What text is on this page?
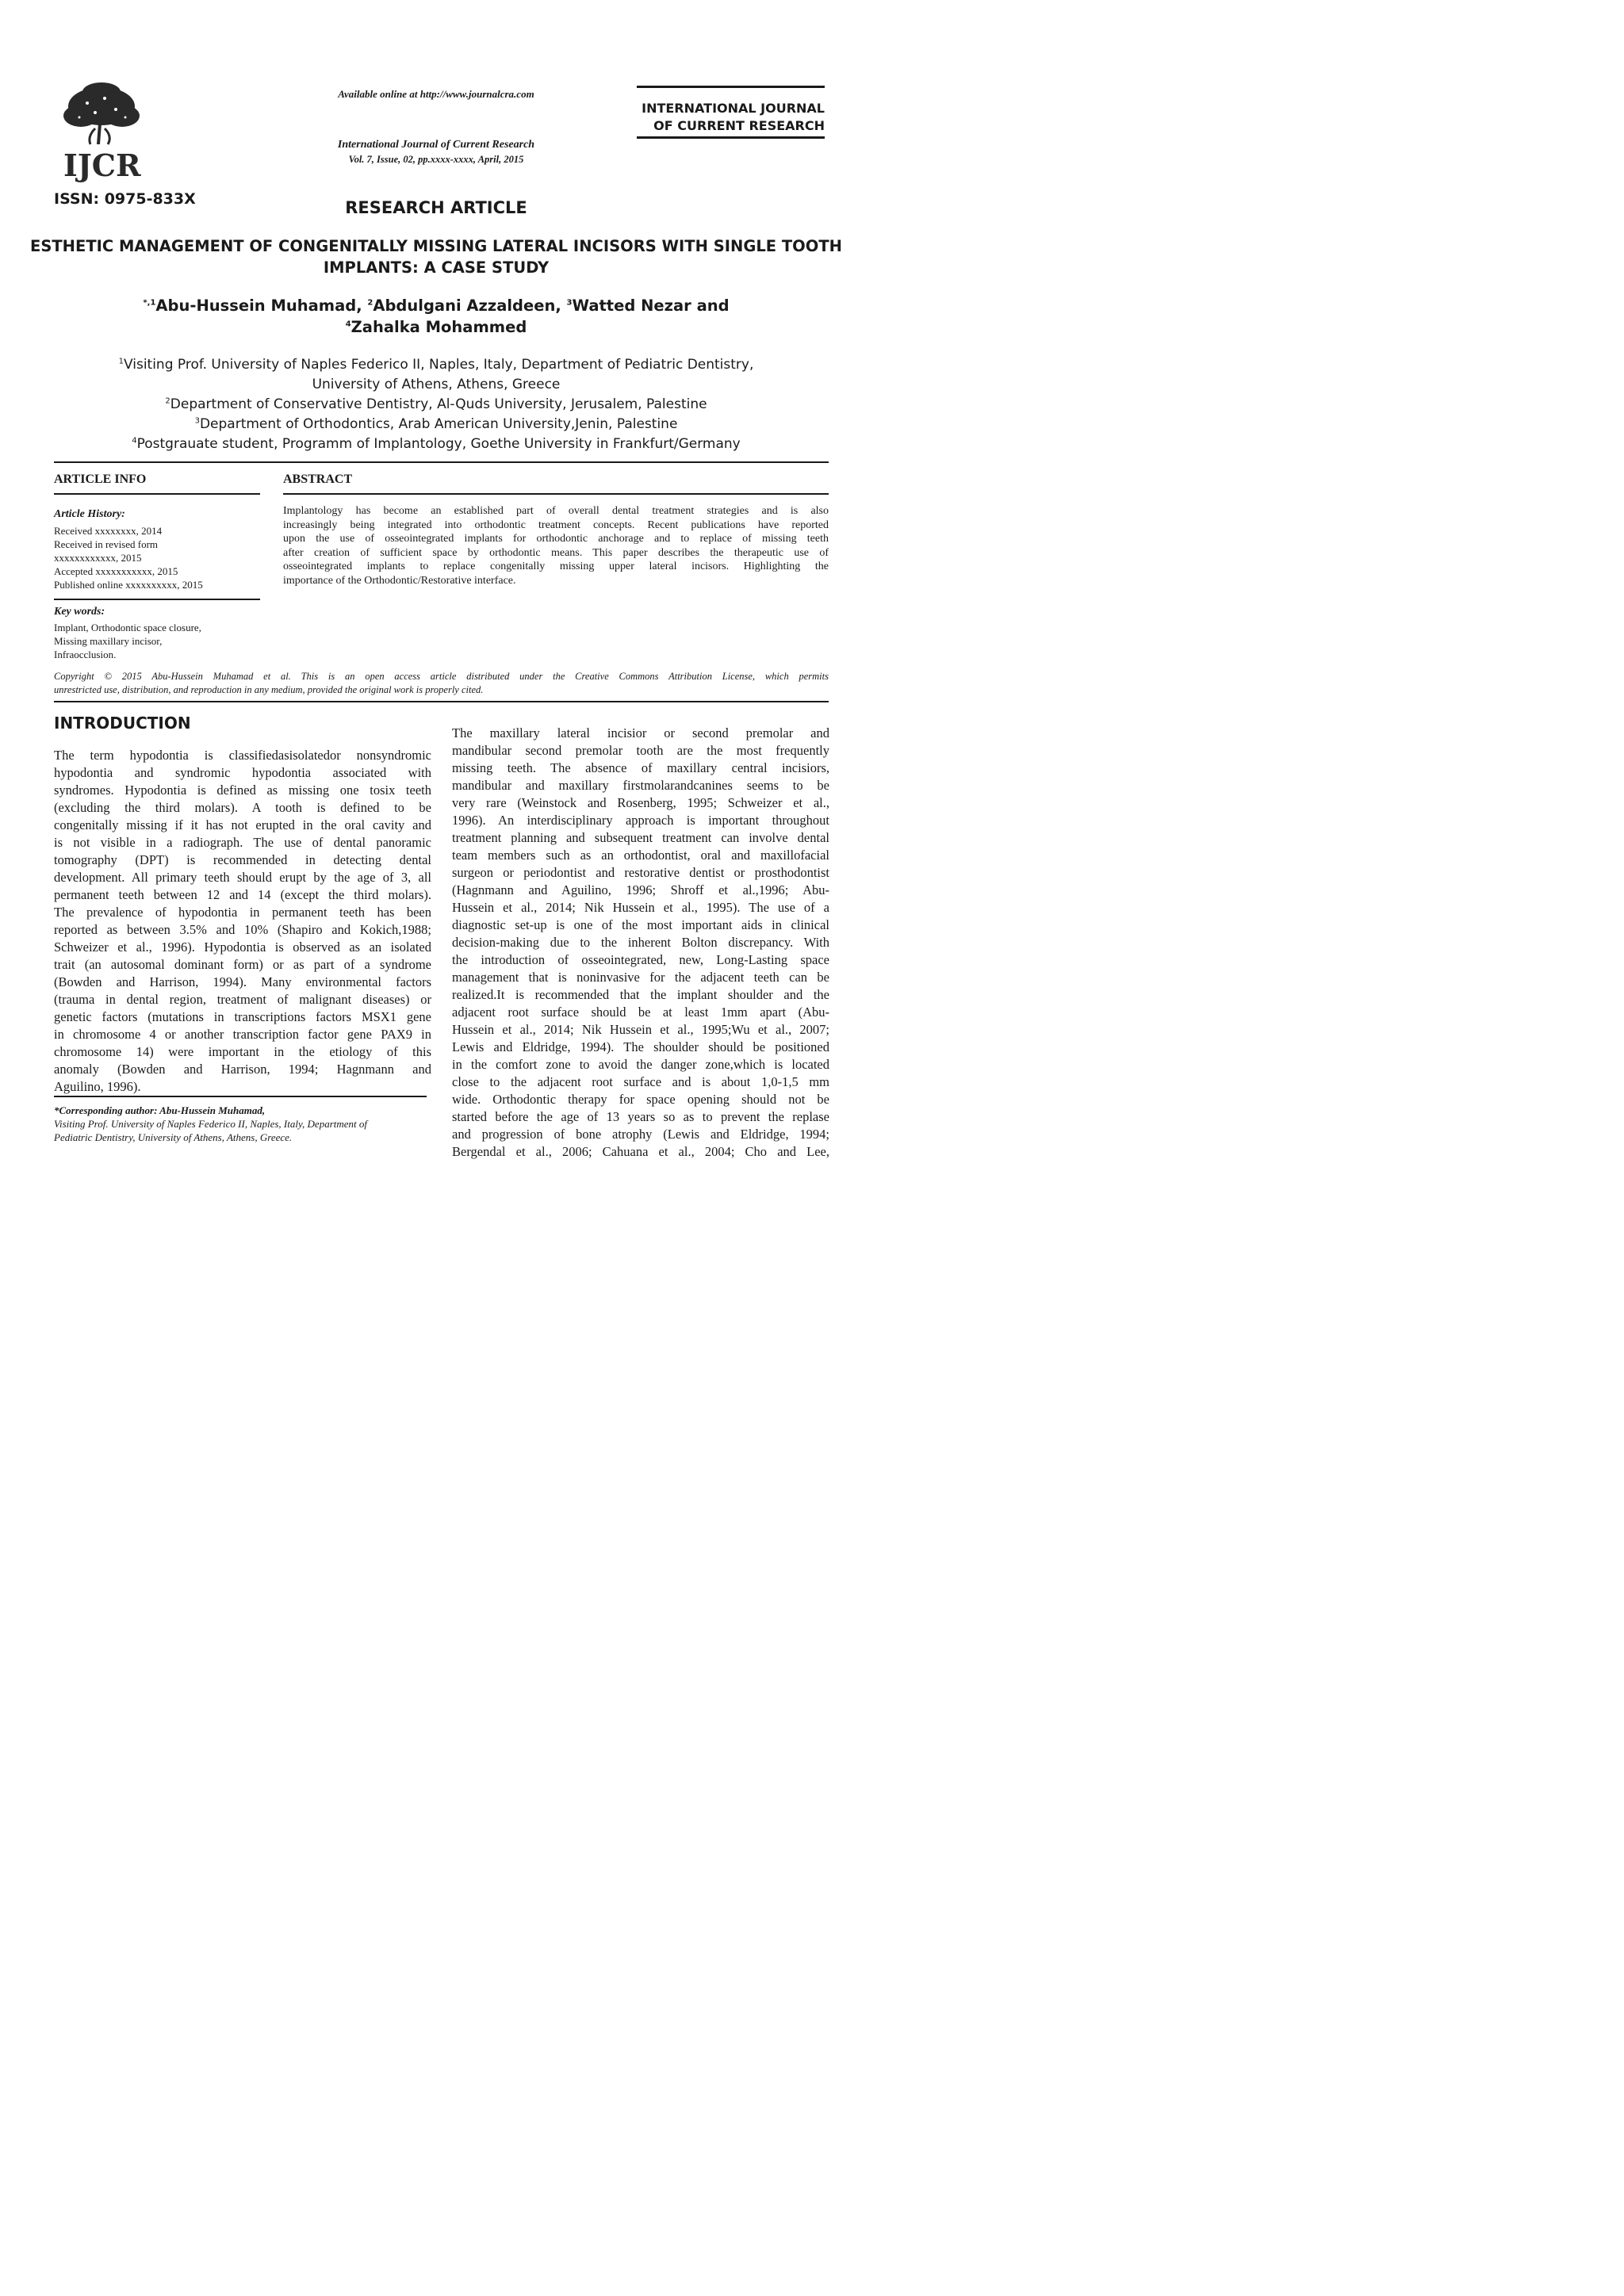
IJCR
Available online at http://www.journalcra.com
International Journal of Current Research
Vol. 7, Issue, 02, pp.xxxx-xxxx, April, 2015
INTERNATIONAL JOURNAL
OF CURRENT RESEARCH
ISSN: 0975-833X	RESEARCH ARTICLE
ESTHETIC MANAGEMENT OF CONGENITALLY MISSING LATERAL INCISORS WITH SINGLE TOOTH
IMPLANTS: A CASE STUDY
$^{*,1}$Abu-Hussein Muhamad, $^2$Abdulgani Azzaldeen, $^3$Watted Nezar and
$^4$Zahalka Mohammed
$^1$Visiting Prof. University of Naples Federico II, Naples, Italy, Department of Pediatric Dentistry,
University of Athens, Athens, Greece
$^2$Department of Conservative Dentistry, Al-Quds University, Jerusalem, Palestine
$^3$Department of Orthodontics, Arab American University,Jenin, Palestine
$^4$Postgrauate student, Programm of Implantology, Goethe University in Frankfurt/Germany
ARTICLE INFO
Article History:
Received xxxxxxxx, 2014
Received in revised form
xxxxxxxxxxxx, 2015
Accepted xxxxxxxxxxx, 2015
Published online xxxxxxxxxx, 2015
Key words:
Implant, Orthodontic space closure,
Missing maxillary incisor,
Infraocclusion.
ABSTRACT
Implantology has become an established part of overall dental treatment strategies and is also
increasingly being integrated into orthodontic treatment concepts. Recent publications have reported
upon the use of osseointegrated implants for orthodontic anchorage and to replace of missing teeth
after creation of sufficient space by orthodontic means. This paper describes the therapeutic use of
osseointegrated implants to replace congenitally missing upper lateral incisors. Highlighting the
importance of the Orthodontic/Restorative interface.
Copyright © 2015 Abu-Hussein Muhamad et al. This is an open access article distributed under the Creative Commons Attribution License, which permits
unrestricted use, distribution, and reproduction in any medium, provided the original work is properly cited.
INTRODUCTION
The term hypodontia is classifiedasisolatedor nonsyndromic
hypodontia and syndromic hypodontia associated with
syndromes. Hypodontia is defined as missing one tosix teeth
(excluding the third molars). A tooth is defined to be
congenitally missing if it has not erupted in the oral cavity and
is not visible in a radiograph. The use of dental panoramic
tomography (DPT) is recommended in detecting dental
development. All primary teeth should erupt by the age of 3, all
permanent teeth between 12 and 14 (except the third molars).
The prevalence of hypodontia in permanent teeth has been
reported as between 3.5% and 10% (Shapiro and Kokich,1988;
Schweizer et al., 1996). Hypodontia is observed as an isolated
trait (an autosomal dominant form) or as part of a syndrome
(Bowden and Harrison, 1994). Many environmental factors
(trauma in dental region, treatment of malignant diseases) or
genetic factors (mutations in transcriptions factors MSX1 gene
in chromosome 4 or another transcription factor gene PAX9 in
chromosome 14) were important in the etiology of this
anomaly (Bowden and Harrison, 1994; Hagnmann and
Aguilino, 1996).
*Corresponding author: Abu-Hussein Muhamad,
Visiting Prof. University of Naples Federico II, Naples, Italy, Department of
Pediatric Dentistry, University of Athens, Athens, Greece.
The maxillary lateral incisior or second premolar and
mandibular second premolar tooth are the most frequently
missing teeth. The absence of maxillary central incisiors,
mandibular and maxillary firstmolarandcanines seems to be
very rare (Weinstock and Rosenberg, 1995; Schweizer et al.,
1996). An interdisciplinary approach is important throughout
treatment planning and subsequent treatment can involve dental
team members such as an orthodontist, oral and maxillofacial
surgeon or periodontist and restorative dentist or prosthodontist
(Hagnmann and Aguilino, 1996; Shroff et al.,1996; Abu-
Hussein et al., 2014; Nik Hussein et al., 1995). The use of a
diagnostic set-up is one of the most important aids in clinical
decision-making due to the inherent Bolton discrepancy. With
the introduction of osseointegrated, new, Long-Lasting space
management that is noninvasive for the adjacent teeth can be
realized.It is recommended that the implant shoulder and the
adjacent root surface should be at least 1mm apart (Abu-
Hussein et al., 2014; Nik Hussein et al., 1995;Wu et al., 2007;
Lewis and Eldridge, 1994). The shoulder should be positioned
in the comfort zone to avoid the danger zone,which is located
close to the adjacent root surface and is about 1,0-1,5 mm
wide. Orthodontic therapy for space opening should not be
started before the age of 13 years so as to prevent the replase
and progression of bone atrophy (Lewis and Eldridge, 1994;
Bergendal et al., 2006; Cahuana et al., 2004; Cho and Lee,
